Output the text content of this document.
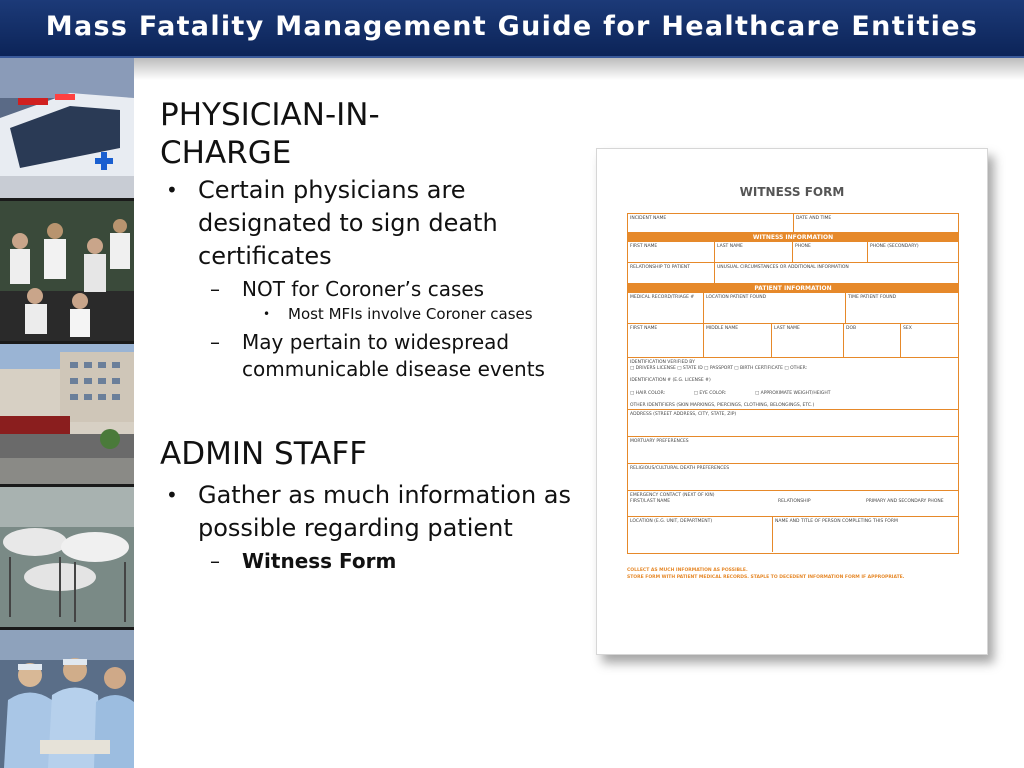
Mass Fatality Management Guide for Healthcare Entities
PHYSICIAN-IN-CHARGE
• Certain physicians are designated to sign death certificates
– NOT for Coroner’s cases
• Most MFIs involve Coroner cases
– May pertain to widespread communicable disease events
ADMIN STAFF
• Gather as much information as possible regarding patient
– Witness Form
WITNESS FORM
INCIDENT NAME	DATE AND TIME
WITNESS INFORMATION
FIRST NAME	LAST NAME	PHONE	PHONE (SECONDARY)
RELATIONSHIP TO PATIENT	UNUSUAL CIRCUMSTANCES OR ADDITIONAL INFORMATION
PATIENT INFORMATION
MEDICAL RECORD/TRIAGE #	LOCATION PATIENT FOUND	TIME PATIENT FOUND
FIRST NAME	MIDDLE NAME	LAST NAME	DOB	SEX
IDENTIFICATION VERIFIED BY
□ DRIVERS LICENSE □ STATE ID □ PASSPORT □ BIRTH CERTIFICATE □ OTHER:
IDENTIFICATION # (E.G. LICENSE #)
□ HAIR COLOR:                    □ EYE COLOR:                    □ APPROXIMATE WEIGHT/HEIGHT
OTHER IDENTIFIERS (SKIN MARKINGS, PIERCINGS, CLOTHING, BELONGINGS, ETC.)
ADDRESS (STREET ADDRESS, CITY, STATE, ZIP)
MORTUARY PREFERENCES
RELIGIOUS/CULTURAL DEATH PREFERENCES
EMERGENCY CONTACT (NEXT OF KIN)
FIRST/LAST NAME	RELATIONSHIP	PRIMARY AND SECONDARY PHONE
LOCATION (E.G. UNIT, DEPARTMENT)	NAME AND TITLE OF PERSON COMPLETING THIS FORM
COLLECT AS MUCH INFORMATION AS POSSIBLE.
STORE FORM WITH PATIENT MEDICAL RECORDS. STAPLE TO DECEDENT INFORMATION FORM IF APPROPRIATE.
